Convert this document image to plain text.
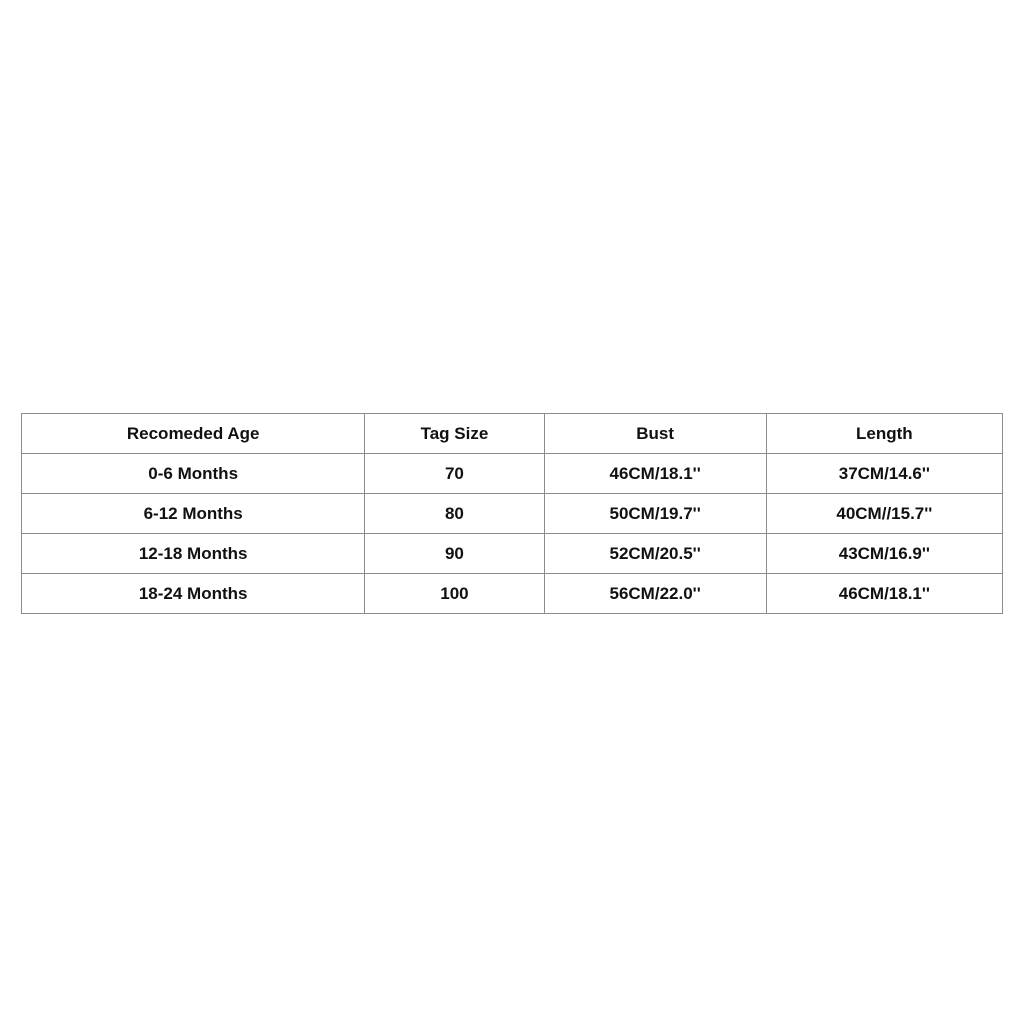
Recomeded Age	Tag Size	Bust	Length
0-6 Months	70	46CM/18.1''	37CM/14.6''
6-12 Months	80	50CM/19.7''	40CM//15.7''
12-18 Months	90	52CM/20.5''	43CM/16.9''
18-24 Months	100	56CM/22.0''	46CM/18.1''
